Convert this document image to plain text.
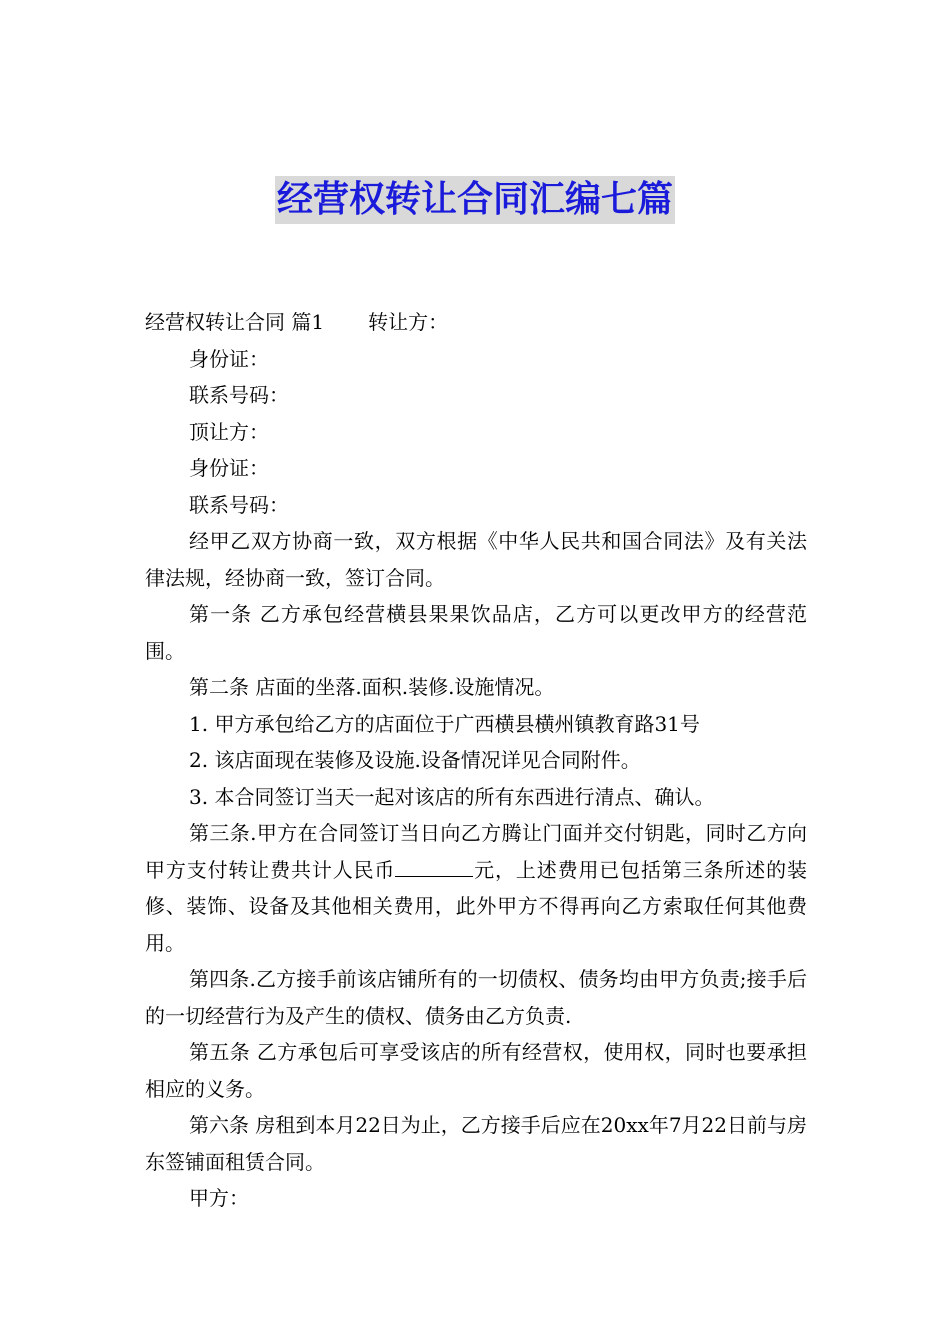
经营权转让合同汇编七篇

经营权转让合同 篇1 转让方：

身份证：

联系号码：

顶让方：

身份证：

联系号码：

经甲乙双方协商一致，双方根据《中华人民共和国合同法》及有关法律法规，经协商一致，签订合同。

第一条 乙方承包经营横县果果饮品店，乙方可以更改甲方的经营范围。

第二条 店面的坐落.面积.装修.设施情况。

1. 甲方承包给乙方的店面位于广西横县横州镇教育路31号

2. 该店面现在装修及设施.设备情况详见合同附件。

3. 本合同签订当天一起对该店的所有东西进行清点、确认。

第三条.甲方在合同签订当日向乙方腾让门面并交付钥匙，同时乙方向甲方支付转让费共计人民币	元，上述费用已包括第三条所述的装修、装饰、设备及其他相关费用，此外甲方不得再向乙方索取任何其他费用。

第四条.乙方接手前该店铺所有的一切债权、债务均由甲方负责;接手后的一切经营行为及产生的债权、债务由乙方负责.

第五条 乙方承包后可享受该店的所有经营权，使用权，同时也要承担相应的义务。

第六条 房租到本月22日为止，乙方接手后应在20xx年7月22日前与房东签铺面租赁合同。

甲方：
